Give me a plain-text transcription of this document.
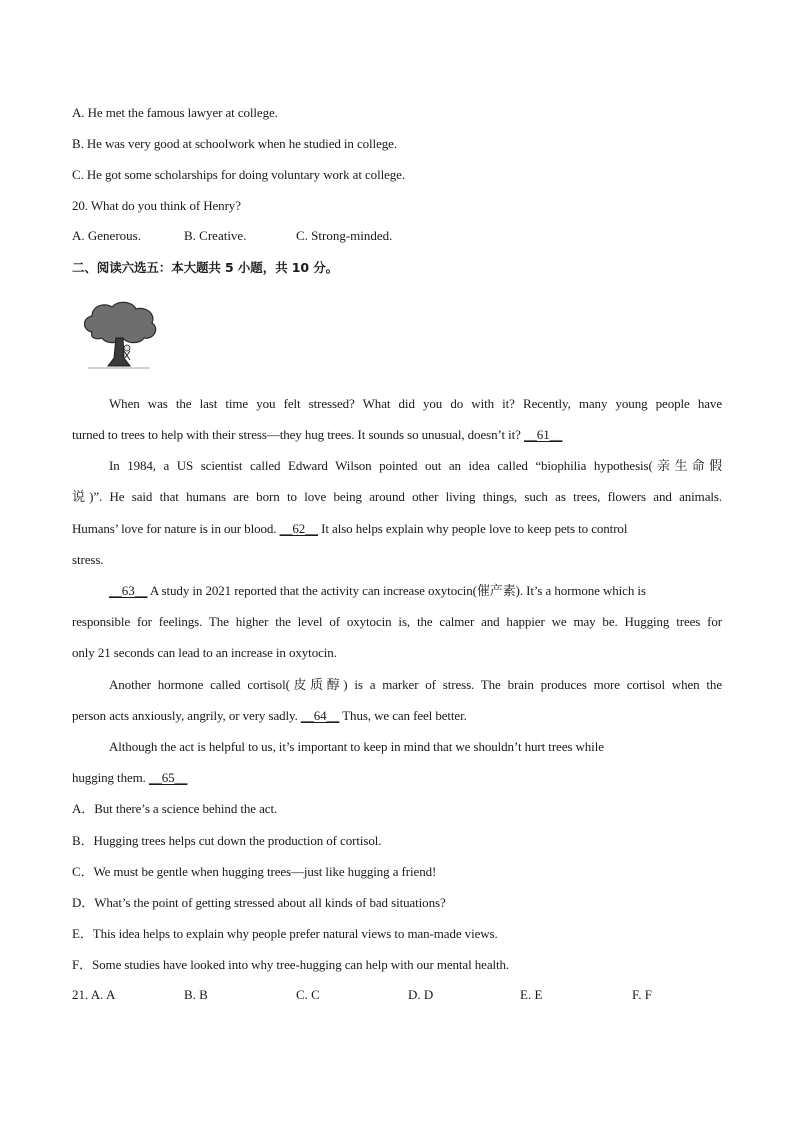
A. He met the famous lawyer at college.
B. He was very good at schoolwork when he studied in college.
C. He got some scholarships for doing voluntary work at college.
20. What do you think of Henry?
A. Generous.	B. Creative.	C. Strong-minded.
二、阅读六选五：本大题共 5 小题，共 10 分。
When was the last time you felt stressed? What did you do with it? Recently, many young people have
turned to trees to help with their stress—they hug trees. It sounds so unusual, doesn’t it? __61__
In 1984, a US scientist called Edward Wilson pointed out an idea called “biophilia hypothesis(亲生命假
说)”. He said that humans are born to love being around other living things, such as trees, flowers and animals.
Humans’ love for nature is in our blood. __62__ It also helps explain why people love to keep pets to control
stress.
__63__ A study in 2021 reported that the activity can increase oxytocin(催产素). It’s a hormone which is
responsible for feelings. The higher the level of oxytocin is, the calmer and happier we may be. Hugging trees for
only 21 seconds can lead to an increase in oxytocin.
Another hormone called cortisol(皮质醇) is a marker of stress. The brain produces more cortisol when the
person acts anxiously, angrily, or very sadly. __64__ Thus, we can feel better.
Although the act is helpful to us, it’s important to keep in mind that we shouldn’t hurt trees while
hugging them. __65__
A．But there’s a science behind the act.
B．Hugging trees helps cut down the production of cortisol.
C．We must be gentle when hugging trees—just like hugging a friend!
D．What’s the point of getting stressed about all kinds of bad situations?
E．This idea helps to explain why people prefer natural views to man-made views.
F．Some studies have looked into why tree-hugging can help with our mental health.
21. A. A	B. B	C. C	D. D	E. E	F. F
